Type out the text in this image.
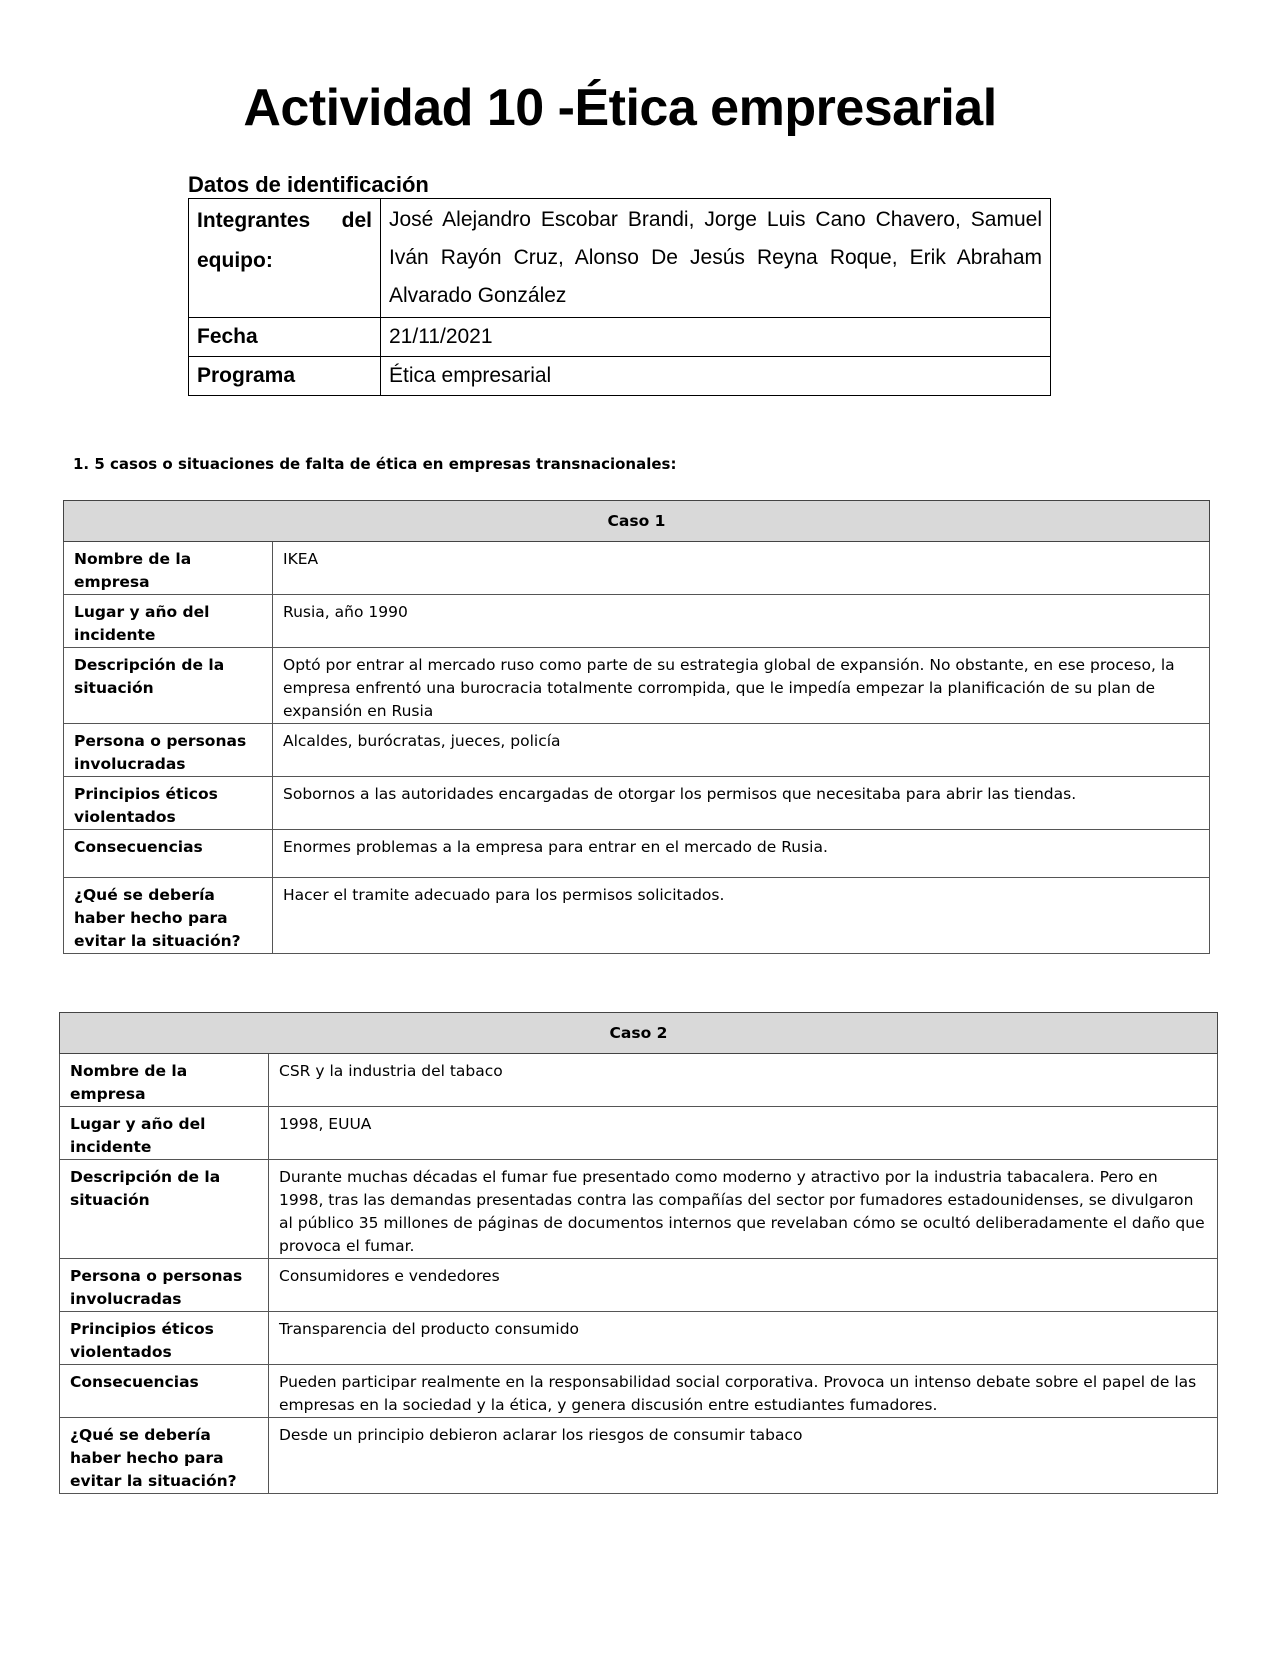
Actividad 10 -Ética empresarial
Datos de identificación
Integrantes del equipo:	José Alejandro Escobar Brandi, Jorge Luis Cano Chavero, Samuel Iván Rayón Cruz, Alonso De Jesús Reyna Roque, Erik Abraham Alvarado González
Fecha	21/11/2021
Programa	Ética empresarial
1. 5 casos o situaciones de falta de ética en empresas transnacionales:
Caso 1	
Nombre de la empresa	IKEA
Lugar y año del incidente	Rusia, año 1990
Descripción de la situación	Optó por entrar al mercado ruso como parte de su estrategia global de expansión. No obstante, en ese proceso, la empresa enfrentó una burocracia totalmente corrompida, que le impedía empezar la planificación de su plan de expansión en Rusia
Persona o personas involucradas	Alcaldes, burócratas, jueces, policía
Principios éticos violentados	Sobornos a las autoridades encargadas de otorgar los permisos que necesitaba para abrir las tiendas.
Consecuencias	Enormes problemas a la empresa para entrar en el mercado de Rusia.
¿Qué se debería haber hecho para evitar la situación?	Hacer el tramite adecuado para los permisos solicitados.
Caso 2	
Nombre de la empresa	CSR y la industria del tabaco
Lugar y año del incidente	1998, EUUA
Descripción de la situación	Durante muchas décadas el fumar fue presentado como moderno y atractivo por la industria tabacalera. Pero en 1998, tras las demandas presentadas contra las compañías del sector por fumadores estadounidenses, se divulgaron al público 35 millones de páginas de documentos internos que revelaban cómo se ocultó deliberadamente el daño que provoca el fumar.
Persona o personas involucradas	Consumidores e vendedores
Principios éticos violentados	Transparencia del producto consumido
Consecuencias	Pueden participar realmente en la responsabilidad social corporativa. Provoca un intenso debate sobre el papel de las empresas en la sociedad y la ética, y genera discusión entre estudiantes fumadores.
¿Qué se debería haber hecho para evitar la situación?	Desde un principio debieron aclarar los riesgos de consumir tabaco
